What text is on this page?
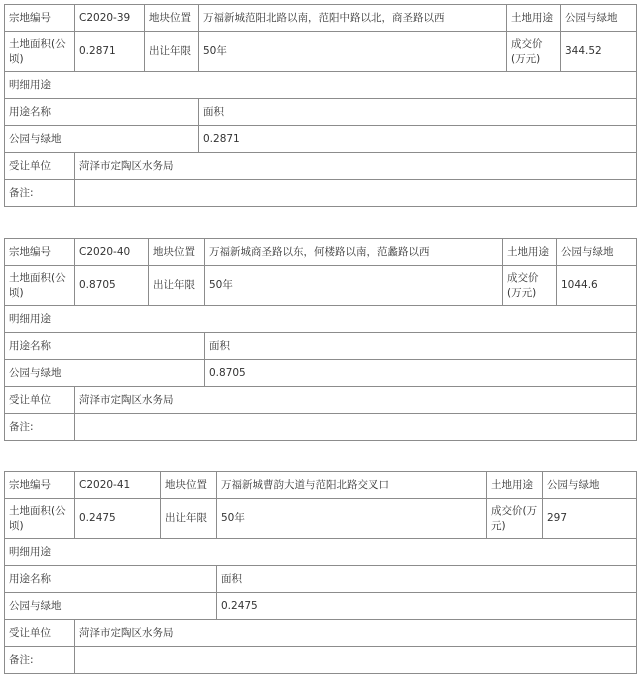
宗地编号	C2020-39	地块位置	万福新城范阳北路以南，范阳中路以北，商圣路以西	土地用途	公园与绿地
土地面积(公顷)	0.2871	出让年限	50年	成交价(万元)	344.52
明细用途					
用途名称			面积		
公园与绿地			0.2871		
受让单位	菏泽市定陶区水务局				
备注:					
宗地编号	C2020-40	地块位置	万福新城商圣路以东，何楼路以南，范蠡路以西	土地用途	公园与绿地
土地面积(公顷)	0.8705	出让年限	50年	成交价(万元)	1044.6
明细用途					
用途名称			面积		
公园与绿地			0.8705		
受让单位	菏泽市定陶区水务局				
备注:					
宗地编号	C2020-41	地块位置	万福新城曹韵大道与范阳北路交叉口	土地用途	公园与绿地
土地面积(公顷)	0.2475	出让年限	50年	成交价(万元)	297
明细用途					
用途名称			面积		
公园与绿地			0.2475		
受让单位	菏泽市定陶区水务局				
备注:					
